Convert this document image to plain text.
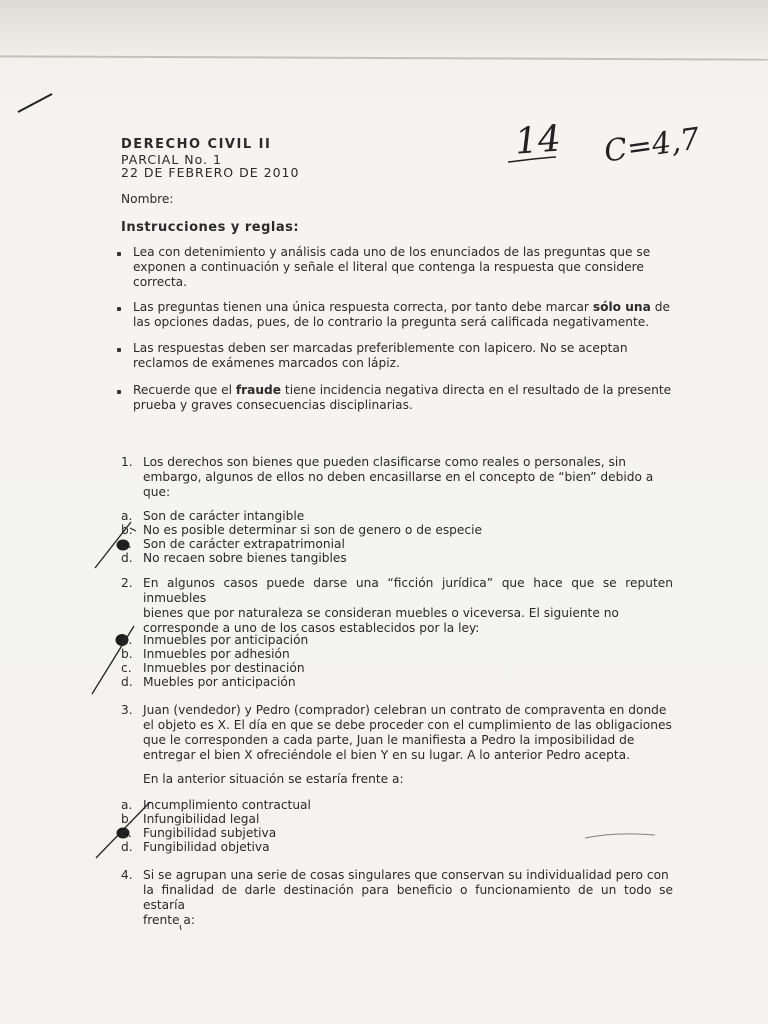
14 C=4,7
DERECHO CIVIL II
PARCIAL No. 1
22 DE FEBRERO DE 2010
Nombre:
Instrucciones y reglas:
Lea con detenimiento y análisis cada uno de los enunciados de las preguntas que se
exponen a continuación y señale el literal que contenga la respuesta que considere
correcta.
Las preguntas tienen una única respuesta correcta, por tanto debe marcar sólo una de
las opciones dadas, pues, de lo contrario la pregunta será calificada negativamente.
Las respuestas deben ser marcadas preferiblemente con lapicero. No se aceptan
reclamos de exámenes marcados con lápiz.
Recuerde que el fraude tiene incidencia negativa directa en el resultado de la presente
prueba y graves consecuencias disciplinarias.
1. Los derechos son bienes que pueden clasificarse como reales o personales, sin
embargo, algunos de ellos no deben encasillarse en el concepto de “bien” debido a
que:
a. Son de carácter intangible
b. No es posible determinar si son de genero o de especie
c. Son de carácter extrapatrimonial
d. No recaen sobre bienes tangibles
2. En algunos casos puede darse una “ficción jurídica” que hace que se reputen inmuebles
bienes que por naturaleza se consideran muebles o viceversa. El siguiente no
corresponde a uno de los casos establecidos por la ley:
a. Inmuebles por anticipación
b. Inmuebles por adhesión
c. Inmuebles por destinación
d. Muebles por anticipación
3. Juan (vendedor) y Pedro (comprador) celebran un contrato de compraventa en donde
el objeto es X. El día en que se debe proceder con el cumplimiento de las obligaciones
que le corresponden a cada parte, Juan le manifiesta a Pedro la imposibilidad de
entregar el bien X ofreciéndole el bien Y en su lugar. A lo anterior Pedro acepta.
En la anterior situación se estaría frente a:
a. Incumplimiento contractual
b. Infungibilidad legal
c. Fungibilidad subjetiva
d. Fungibilidad objetiva
4. Si se agrupan una serie de cosas singulares que conservan su individualidad pero con
la finalidad de darle destinación para beneficio o funcionamiento de un todo se estaría
frente a:
